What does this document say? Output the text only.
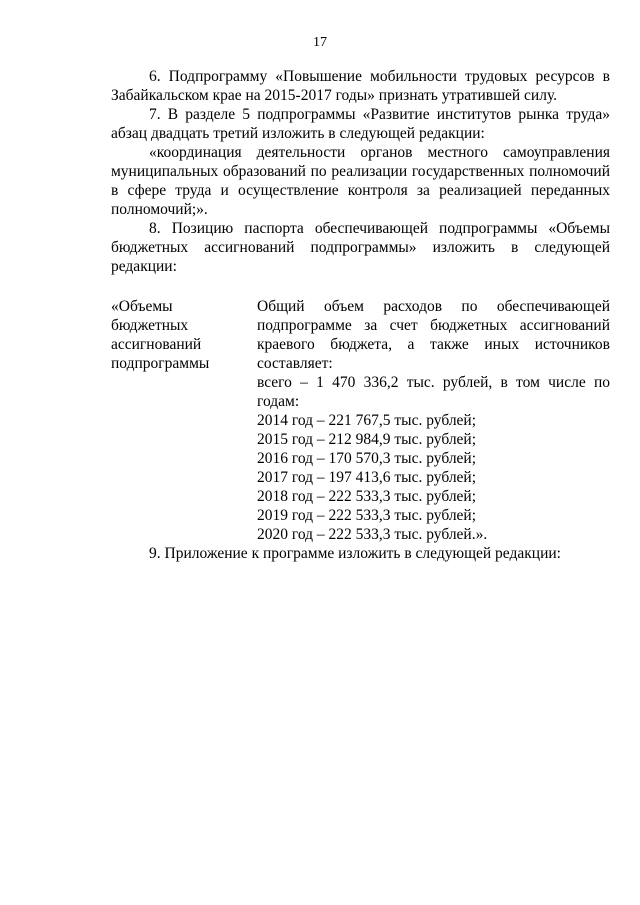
17

6. Подпрограмму «Повышение мобильности трудовых ресурсов в Забайкальском крае на 2015-2017 годы» признать утратившей силу.

7. В разделе 5 подпрограммы «Развитие институтов рынка труда» абзац двадцать третий изложить в следующей редакции:

«координация деятельности органов местного самоуправления муниципальных образований по реализации государственных полномочий в сфере труда и осуществление контроля за реализацией переданных полномочий;».

8. Позицию паспорта обеспечивающей подпрограммы «Объемы бюджетных ассигнований подпрограммы» изложить в следующей редакции:

«Объемы
бюджетных
ассигнований
подпрограммы
Общий объем расходов по обеспечивающей подпрограмме за счет бюджетных ассигнований краевого бюджета, а также иных источников составляет:
всего – 1 470 336,2 тыс. рублей, в том числе по годам:
2014 год – 221 767,5 тыс. рублей;
2015 год – 212 984,9 тыс. рублей;
2016 год – 170 570,3 тыс. рублей;
2017 год – 197 413,6 тыс. рублей;
2018 год – 222 533,3 тыс. рублей;
2019 год – 222 533,3 тыс. рублей;
2020 год – 222 533,3 тыс. рублей.».

9. Приложение к программе изложить в следующей редакции:
